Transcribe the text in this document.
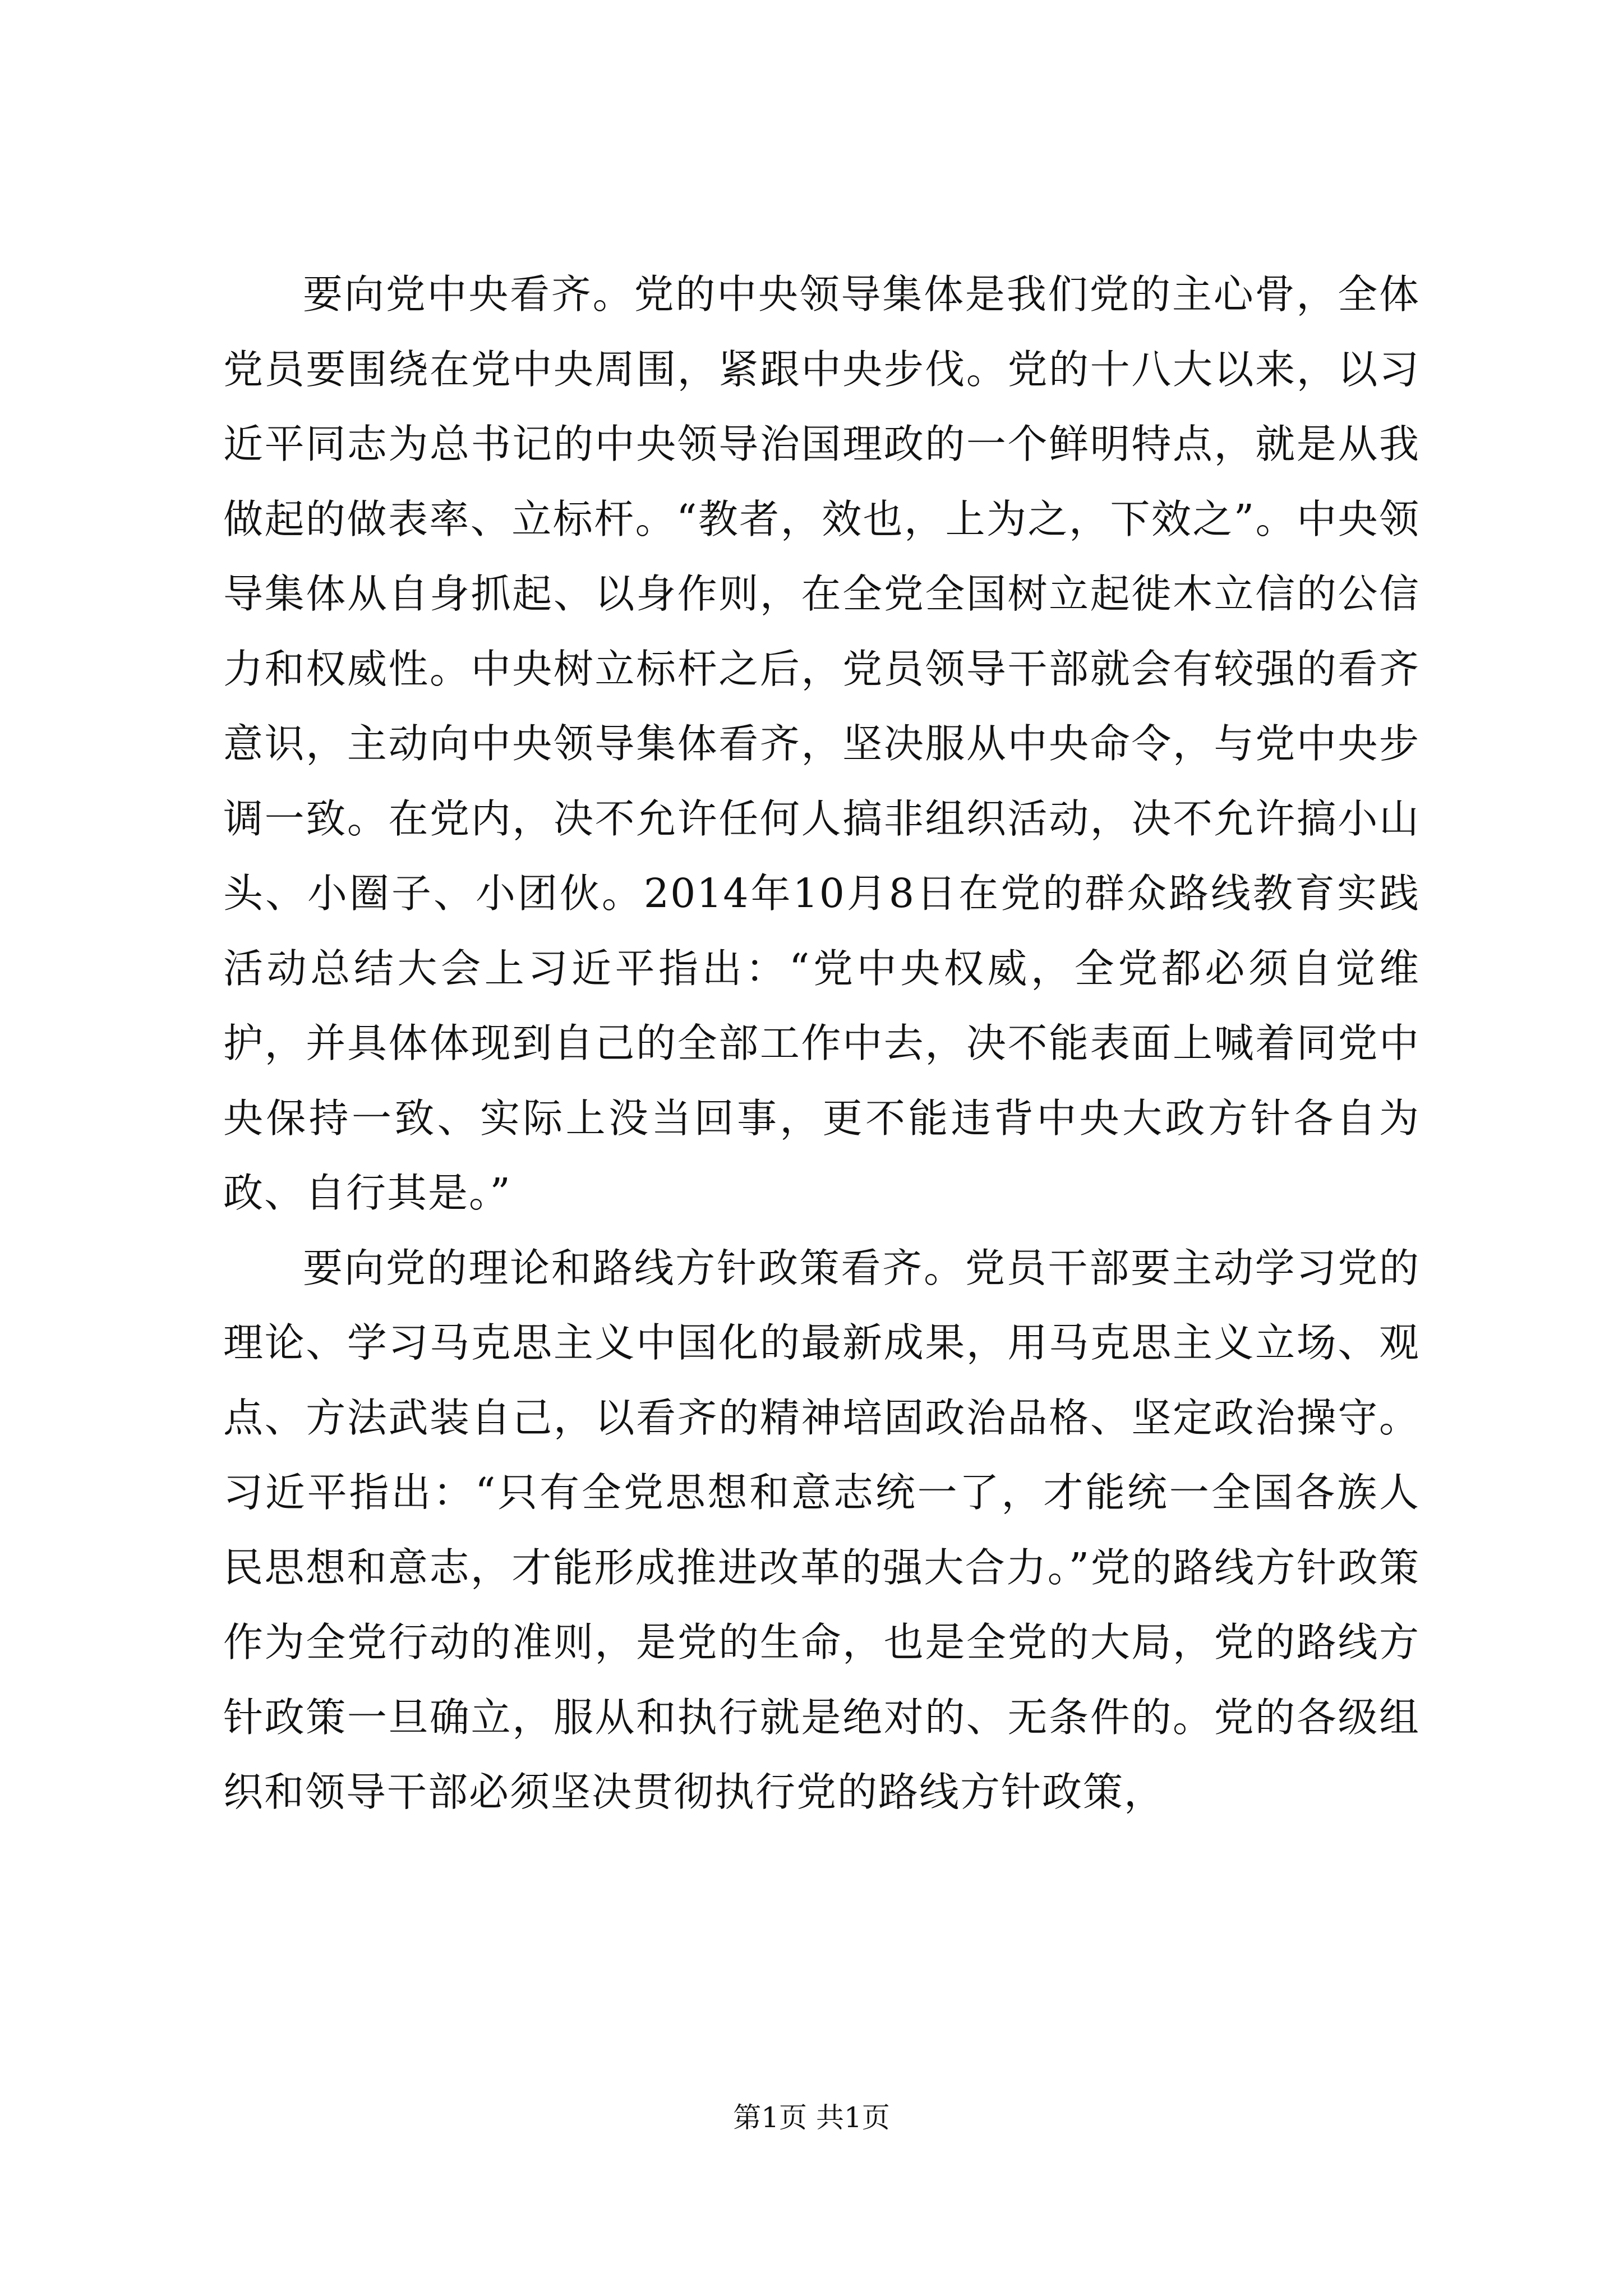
要向党中央看齐。党的中央领导集体是我们党的主心骨，全体党员要围绕在党中央周围，紧跟中央步伐。党的十八大以来，以习近平同志为总书记的中央领导治国理政的一个鲜明特点，就是从我做起的做表率、立标杆。“教者，效也，上为之，下效之”。中央领导集体从自身抓起、以身作则，在全党全国树立起徙木立信的公信力和权威性。中央树立标杆之后，党员领导干部就会有较强的看齐意识，主动向中央领导集体看齐，坚决服从中央命令，与党中央步调一致。在党内，决不允许任何人搞非组织活动，决不允许搞小山头、小圈子、小团伙。2014年10月8日在党的群众路线教育实践活动总结大会上习近平指出：“党中央权威，全党都必须自觉维护，并具体体现到自己的全部工作中去，决不能表面上喊着同党中央保持一致、实际上没当回事，更不能违背中央大政方针各自为政、自行其是。”

要向党的理论和路线方针政策看齐。党员干部要主动学习党的理论、学习马克思主义中国化的最新成果，用马克思主义立场、观点、方法武装自己，以看齐的精神培固政治品格、坚定政治操守。习近平指出：“只有全党思想和意志统一了，才能统一全国各族人民思想和意志，才能形成推进改革的强大合力。”党的路线方针政策作为全党行动的准则，是党的生命，也是全党的大局，党的路线方针政策一旦确立，服从和执行就是绝对的、无条件的。党的各级组织和领导干部必须坚决贯彻执行党的路线方针政策，

第1页 共1页
